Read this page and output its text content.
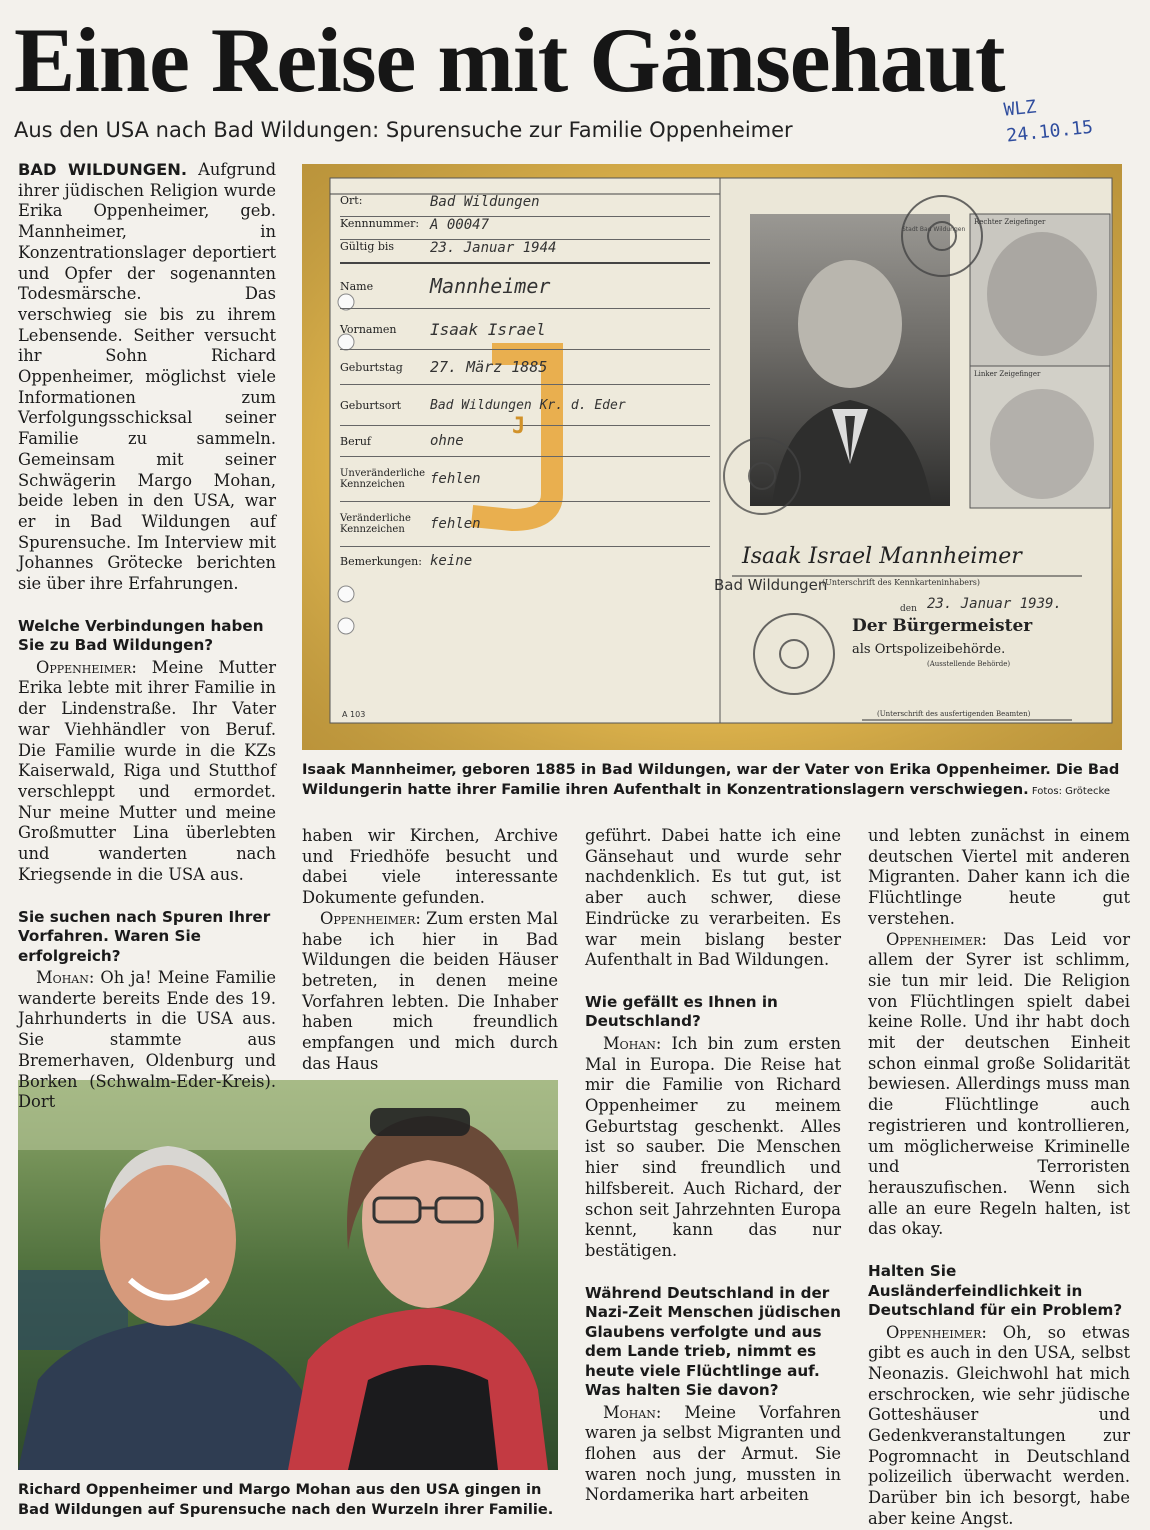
Eine Reise mit Gänsehaut
Aus den USA nach Bad Wildungen: Spurensuche zur Familie Oppenheimer
WLZ
24.10.15
Ort:	Bad Wildungen
Kennnummer: A 00047
Gültig bis	23. Januar 1944
Name	Mannheimer
Vornamen	Isaak Israel
Geburtstag	27. März 1885
Geburtsort	Bad Wildungen Kr. d. Eder
Beruf	ohne
Unveränderliche Kennzeichen	fehlen
Veränderliche Kennzeichen	fehlen
Bemerkungen: keine
A 103
Rechter Zeigefinger
Linker Zeigefinger
Stadt Bad Wildungen
J
Isaak Israel Mannheimer
(Unterschrift des Kennkarteninhabers)
Bad Wildungen
den 23. Januar 1939.
Der Bürgermeister
als Ortspolizeibehörde.
(Ausstellende Behörde)
(Unterschrift des ausfertigenden Beamten)
Isaak Mannheimer, geboren 1885 in Bad Wildungen, war der Vater von Erika Oppenheimer. Die Bad Wildungerin hatte ihrer Familie ihren Aufenthalt in Konzentrationslagern verschwiegen. Fotos: Grötecke
Richard Oppenheimer und Margo Mohan aus den USA gingen in Bad Wildungen auf Spurensuche nach den Wurzeln ihrer Familie.

BAD WILDUNGEN. Aufgrund ihrer jüdischen Religion wurde Erika Oppenheimer, geb. Mannheimer, in Konzentrationslager deportiert und Opfer der sogenannten Todesmärsche. Das verschwieg sie bis zu ihrem Lebensende. Seither versucht ihr Sohn Richard Oppenheimer, möglichst viele Informationen zum Verfolgungsschicksal seiner Familie zu sammeln. Gemeinsam mit seiner Schwägerin Margo Mohan, beide leben in den USA, war er in Bad Wildungen auf Spurensuche. Im Interview mit Johannes Grötecke berichten sie über ihre Erfahrungen.

Welche Verbindungen haben Sie zu Bad Wildungen?

Oppenheimer: Meine Mutter Erika lebte mit ihrer Familie in der Lindenstraße. Ihr Vater war Viehhändler von Beruf. Die Familie wurde in die KZs Kaiserwald, Riga und Stutthof verschleppt und ermordet. Nur meine Mutter und meine Großmutter Lina überlebten und wanderten nach Kriegsende in die USA aus.

Sie suchen nach Spuren Ihrer Vorfahren. Waren Sie erfolgreich?

Mohan: Oh ja! Meine Familie wanderte bereits Ende des 19. Jahrhunderts in die USA aus. Sie stammte aus Bremerhaven, Oldenburg und Borken (Schwalm-Eder-Kreis). Dort

haben wir Kirchen, Archive und Friedhöfe besucht und dabei viele interessante Dokumente gefunden.

Oppenheimer: Zum ersten Mal habe ich hier in Bad Wildungen die beiden Häuser betreten, in denen meine Vorfahren lebten. Die Inhaber haben mich freundlich empfangen und mich durch das Haus

geführt. Dabei hatte ich eine Gänsehaut und wurde sehr nachdenklich. Es tut gut, ist aber auch schwer, diese Eindrücke zu verarbeiten. Es war mein bislang bester Aufenthalt in Bad Wildungen.

Wie gefällt es Ihnen in Deutschland?

Mohan: Ich bin zum ersten Mal in Europa. Die Reise hat mir die Familie von Richard Oppenheimer zu meinem Geburtstag geschenkt. Alles ist so sauber. Die Menschen hier sind freundlich und hilfsbereit. Auch Richard, der schon seit Jahrzehnten Europa kennt, kann das nur bestätigen.

Während Deutschland in der Nazi-Zeit Menschen jüdischen Glaubens verfolgte und aus dem Lande trieb, nimmt es heute viele Flüchtlinge auf. Was halten Sie davon?

Mohan: Meine Vorfahren waren ja selbst Migranten und flohen aus der Armut. Sie waren noch jung, mussten in Nordamerika hart arbeiten

und lebten zunächst in einem deutschen Viertel mit anderen Migranten. Daher kann ich die Flüchtlinge heute gut verstehen.

Oppenheimer: Das Leid vor allem der Syrer ist schlimm, sie tun mir leid. Die Religion von Flüchtlingen spielt dabei keine Rolle. Und ihr habt doch mit der deutschen Einheit schon einmal große Solidarität bewiesen. Allerdings muss man die Flüchtlinge auch registrieren und kontrollieren, um möglicherweise Kriminelle und Terroristen herauszufischen. Wenn sich alle an eure Regeln halten, ist das okay.

Halten Sie Ausländerfeindlichkeit in Deutschland für ein Problem?

Oppenheimer: Oh, so etwas gibt es auch in den USA, selbst Neonazis. Gleichwohl hat mich erschrocken, wie sehr jüdische Gotteshäuser und Gedenkveranstaltungen zur Pogromnacht in Deutschland polizeilich überwacht werden. Darüber bin ich besorgt, habe aber keine Angst.
